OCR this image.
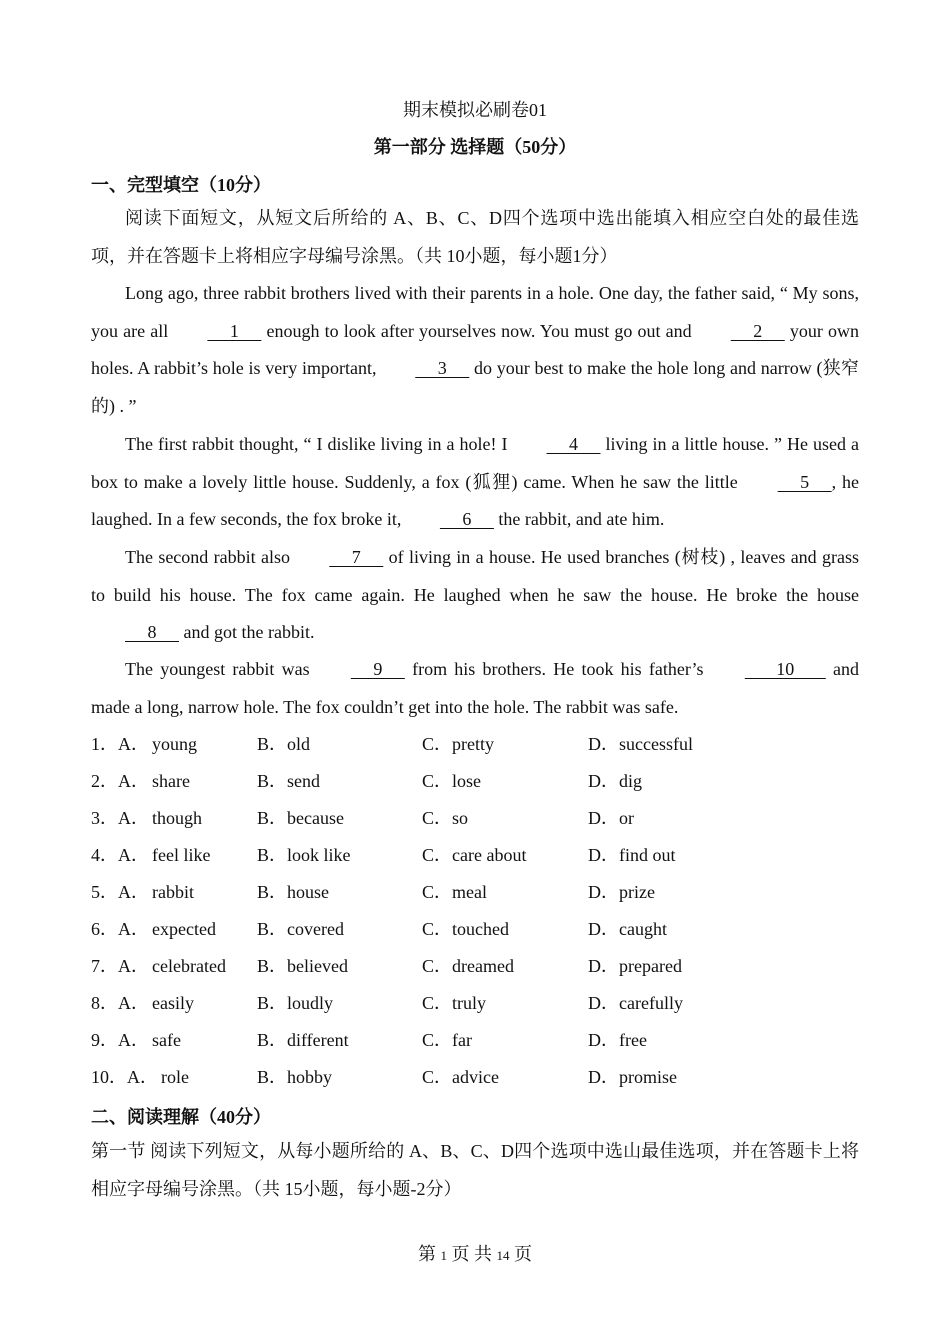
期末模拟必刷卷01
第一部分 选择题（50分）
一、完型填空（10分）
阅读下面短文，从短文后所给的 A、B、C、D四个选项中选出能填入相应空白处的最佳选项，并在答题卡上将相应字母编号涂黑。（共 10小题，每小题1分）
Long ago, three rabbit brothers lived with their parents in a hole. One day, the father said, “ My sons, you are all      1      enough to look after yourselves now. You must go out and      2      your own holes. A rabbit’s hole is very important,      3      do your best to make the hole long and narrow (狭窄的) . ”
The first rabbit thought, “ I dislike living in a hole! I      4      living in a little house. ” He used a box to make a lovely little house. Suddenly, a fox (狐狸) came. When he saw the little      5     , he laughed. In a few seconds, the fox broke it,      6      the rabbit, and ate him.
The second rabbit also      7      of living in a house. He used branches (树枝) , leaves and grass to build his house. The fox came again. He laughed when he saw the house. He broke the house      8      and got the rabbit.
The youngest rabbit was      9      from his brothers. He took his father’s        10        and made a long, narrow hole. The fox couldn’t get into the hole. The rabbit was safe.
1．A． young	B．old	C．pretty	D．successful
2．A． share	B．send	C．lose	D．dig
3．A． though	B．because	C．so	D．or
4．A． feel like	B．look like	C．care about	D．find out
5．A． rabbit	B．house	C．meal	D．prize
6．A． expected B．covered	C．touched	D．caught
7．A． celebrated B．believed	C．dreamed	D．prepared
8．A． easily	B．loudly	C．truly	D．carefully
9．A． safe	B．different	C．far	D．free
10．A． role	B．hobby	C．advice	D．promise
二、阅读理解（40分）
第一节 阅读下列短文，从每小题所给的 A、B、C、D四个选项中选山最佳选项，并在答题卡上将相应字母编号涂黑。（共 15小题，每小题-2分）
第 1 页 共 14 页
